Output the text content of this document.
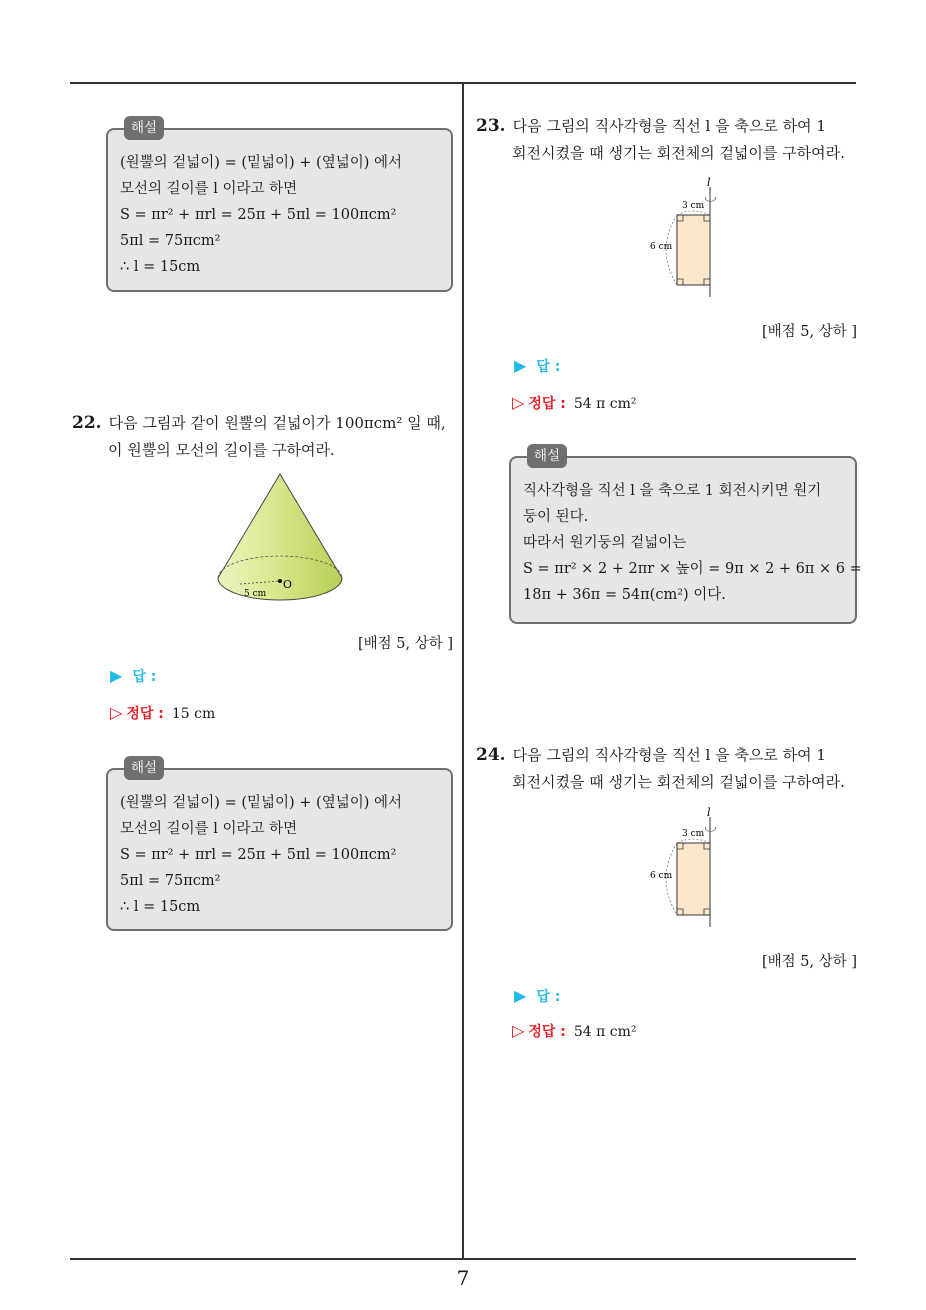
7
해설
(원뿔의 겉넓이) = (밑넓이) + (옆넓이) 에서
모선의 길이를 l 이라고 하면
S = πr² + πrl = 25π + 5πl = 100πcm²
5πl = 75πcm²
∴ l = 15cm
22. 다음 그림과 같이 원뿔의 겉넓이가 100πcm² 일 때,
이 원뿔의 모선의 길이를 구하여라.
O
5 cm
[배점 5, 상하 ]
▶ 답 :
▷ 정답 : 15 cm
해설
(원뿔의 겉넓이) = (밑넓이) + (옆넓이) 에서
모선의 길이를 l 이라고 하면
S = πr² + πrl = 25π + 5πl = 100πcm²
5πl = 75πcm²
∴ l = 15cm
23. 다음 그림의 직사각형을 직선 l 을 축으로 하여 1
회전시켰을 때 생기는 회전체의 겉넓이를 구하여라.
l
3 cm
6 cm
[배점 5, 상하 ]
▶ 답 :
▷ 정답 : 54 π cm²
해설
직사각형을 직선 l 을 축으로 1 회전시키면 원기
둥이 된다.
따라서 원기둥의 겉넓이는
S = πr² × 2 + 2πr × 높이 = 9π × 2 + 6π × 6 =
18π + 36π = 54π(cm²) 이다.
24. 다음 그림의 직사각형을 직선 l 을 축으로 하여 1
회전시켰을 때 생기는 회전체의 겉넓이를 구하여라.
l
3 cm
6 cm
[배점 5, 상하 ]
▶ 답 :
▷ 정답 : 54 π cm²
